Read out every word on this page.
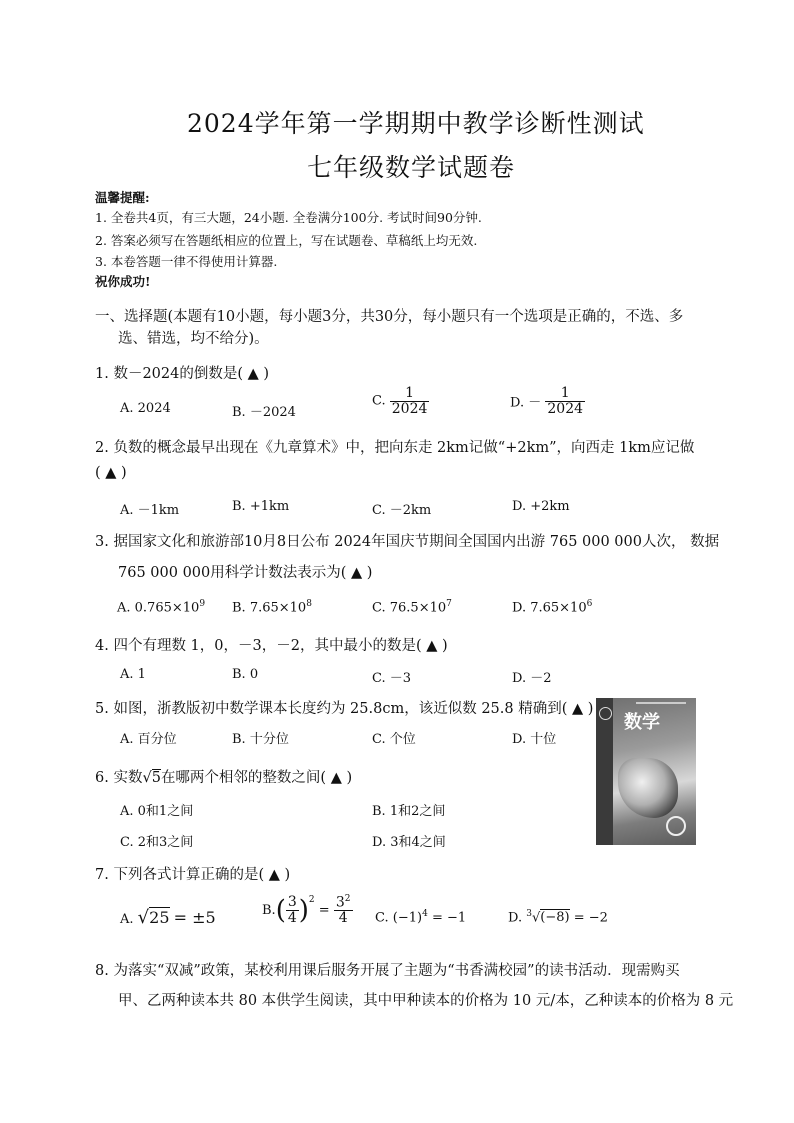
2024学年第一学期期中教学诊断性测试
七年级数学试题卷
温馨提醒:
1. 全卷共4页，有三大题，24小题. 全卷满分100分. 考试时间90分钟.
2. 答案必须写在答题纸相应的位置上，写在试题卷、草稿纸上均无效.
3. 本卷答题一律不得使用计算器.
祝你成功!
一、选择题(本题有10小题，每小题3分，共30分，每小题只有一个选项是正确的，不选、多
选、错选，均不给分)。
1. 数－2024的倒数是( ▲ )
A. 2024	B. －2024
C. $\frac{1}{2024}$	D. － $\frac{1}{2024}$
2. 负数的概念最早出现在《九章算术》中，把向东走 2km记做“+2km”，向西走 1km应记做
( ▲ )
A. －1km	B. +1km	C. －2km	D. +2km
3. 据国家文化和旅游部10月8日公布 2024年国庆节期间全国国内出游 765 000 000人次， 数据
765 000 000用科学计数法表示为( ▲ )
A. $0.765\times 10^9$ B. $7.65\times 10^8$	C. $76.5\times 10^7$	D. $7.65\times 10^6$
4. 四个有理数 1，0，－3，－2，其中最小的数是( ▲ )
A. 1	B. 0	C. －3	D. －2
5. 如图，浙教版初中数学课本长度约为 25.8cm，该近似数 25.8 精确到( ▲ )
A. 百分位	B. 十分位	C. 个位	D. 十位
数学
6. 实数√5在哪两个相邻的整数之间( ▲ )
A. 0和1之间	B. 1和2之间
C. 2和3之间	D. 3和4之间
7. 下列各式计算正确的是( ▲ )
A. √25 = ±5	$B.( \frac{3}{4} )^2 = \frac{3^2}{4} C$. $(-1)^4 = -1$	D. $^3$√(−8) = −2
8. 为落实“双减”政策，某校利用课后服务开展了主题为“书香满校园”的读书活动．现需购买
甲、乙两种读本共 80 本供学生阅读，其中甲种读本的价格为 10 元/本，乙种读本的价格为 8 元
